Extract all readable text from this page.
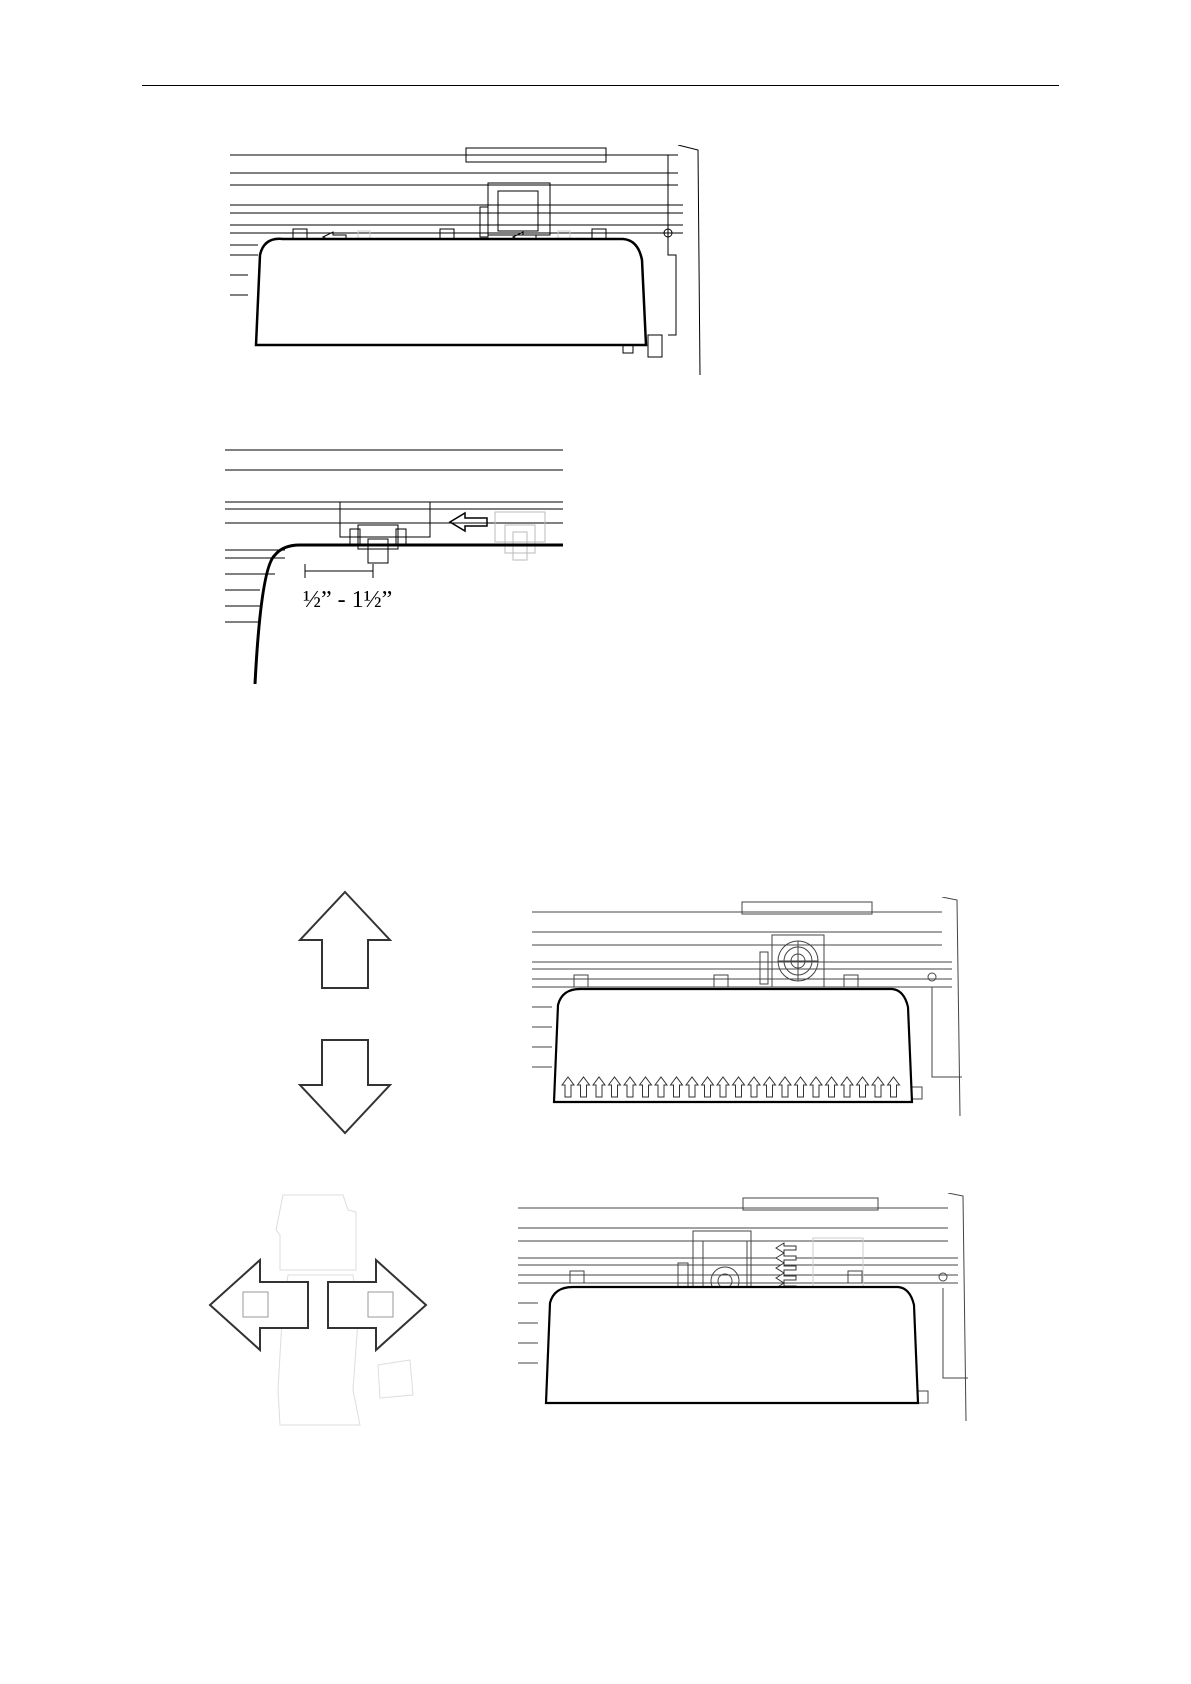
½” - 1½”
